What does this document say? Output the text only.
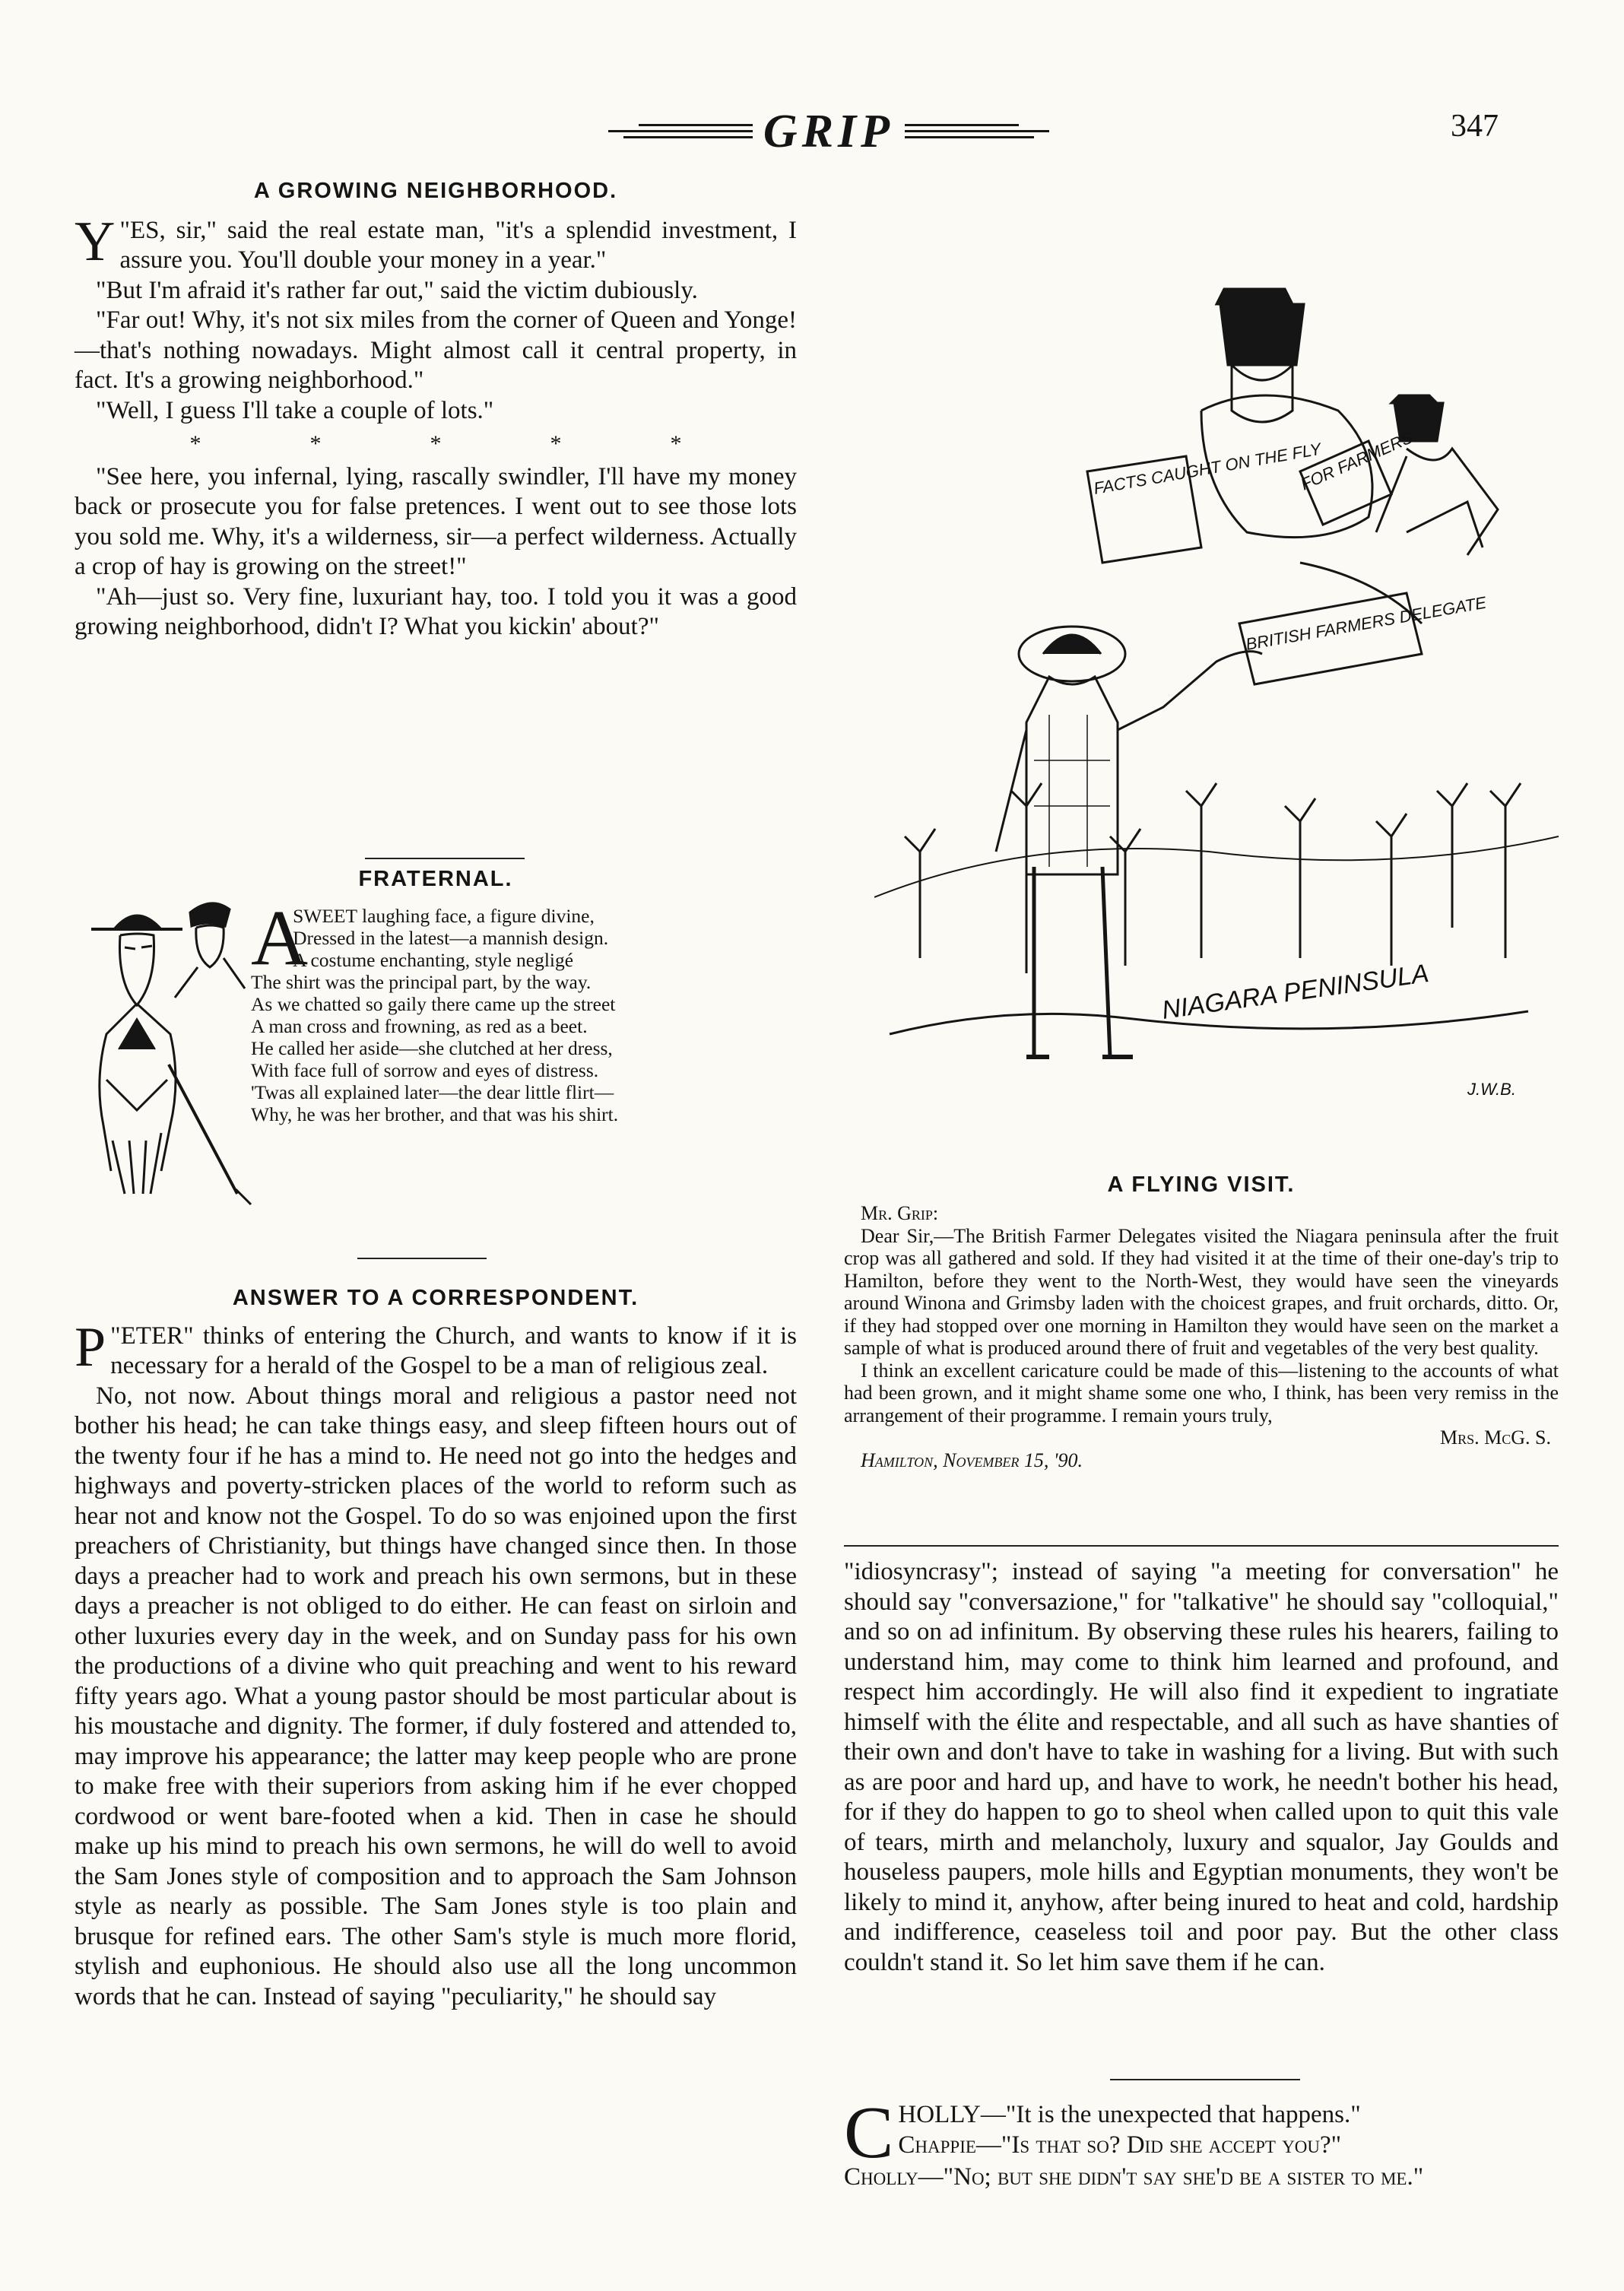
GRIP	347
A GROWING NEIGHBORHOOD.

"
Y ES, sir," said the real estate man, "it's a splendid investment, I assure you. You'll double your money in a year."

"But I'm afraid it's rather far out," said the victim dubiously.

"Far out! Why, it's not six miles from the corner of Queen and Yonge!—that's nothing nowadays. Might almost call it central property, in fact. It's a growing neighborhood."

"Well, I guess I'll take a couple of lots."

*	*	*	*	*

"See here, you infernal, lying, rascally swindler, I'll have my money back or prosecute you for false pretences. I went out to see those lots you sold me. Why, it's a wilderness, sir—a perfect wilderness. Actually a crop of hay is growing on the street!"

"Ah—just so. Very fine, luxuriant hay, too. I told you it was a good growing neighborhood, didn't I? What you kickin' about?"

FRATERNAL.
A
SWEET laughing face, a figure divine,
Dressed in the latest—a mannish design.
A costume enchanting, style negligé
The shirt was the principal part, by the way.
As we chatted so gaily there came up the street
A man cross and frowning, as red as a beet.
He called her aside—she clutched at her dress,
With face full of sorrow and eyes of distress.
'Twas all explained later—the dear little flirt—
Why, he was her brother, and that was his shirt.
ANSWER TO A CORRESPONDENT.

"
P ETER" thinks of entering the Church, and wants to know if it is necessary for a herald of the Gospel to be a man of religious zeal.

No, not now. About things moral and religious a pastor need not bother his head; he can take things easy, and sleep fifteen hours out of the twenty four if he has a mind to. He need not go into the hedges and highways and poverty-stricken places of the world to reform such as hear not and know not the Gospel. To do so was enjoined upon the first preachers of Christianity, but things have changed since then. In those days a preacher had to work and preach his own sermons, but in these days a preacher is not obliged to do either. He can feast on sirloin and other luxuries every day in the week, and on Sunday pass for his own the productions of a divine who quit preaching and went to his reward fifty years ago. What a young pastor should be most particular about is his moustache and dignity. The former, if duly fostered and attended to, may improve his appearance; the latter may keep people who are prone to make free with their superiors from asking him if he ever chopped cordwood or went bare-footed when a kid. Then in case he should make up his mind to preach his own sermons, he will do well to avoid the Sam Jones style of composition and to approach the Sam Johnson style as nearly as possible. The Sam Jones style is too plain and brusque for refined ears. The other Sam's style is much more florid, stylish and euphonious. He should also use all the long uncommon words that he can. Instead of saying "peculiarity," he should say

FACTS CAUGHT ON THE FLY
FOR FARMERS
BRITISH FARMERS DELEGATE
NIAGARA PENINSULA
J.W.B.
A FLYING VISIT.
Mr. Grip:

Dear Sir,—The British Farmer Delegates visited the Niagara peninsula after the fruit crop was all gathered and sold. If they had visited it at the time of their one-day's trip to Hamilton, before they went to the North-West, they would have seen the vineyards around Winona and Grimsby laden with the choicest grapes, and fruit orchards, ditto. Or, if they had stopped over one morning in Hamilton they would have seen on the market a sample of what is produced around there of fruit and vegetables of the very best quality.

I think an excellent caricature could be made of this—listening to the accounts of what had been grown, and it might shame some one who, I think, has been very remiss in the arrangement of their programme. I remain yours truly,

Mrs. McG. S.
Hamilton, November 15, '90.

"idiosyncrasy"; instead of saying "a meeting for conversation" he should say "conversazione," for "talkative" he should say "colloquial," and so on ad infinitum. By observing these rules his hearers, failing to understand him, may come to think him learned and profound, and respect him accordingly. He will also find it expedient to ingratiate himself with the élite and respectable, and all such as have shanties of their own and don't have to take in washing for a living. But with such as are poor and hard up, and have to work, he needn't bother his head, for if they do happen to go to sheol when called upon to quit this vale of tears, mirth and melancholy, luxury and squalor, Jay Goulds and houseless paupers, mole hills and Egyptian monuments, they won't be likely to mind it, anyhow, after being inured to heat and cold, hardship and indifference, ceaseless toil and poor pay. But the other class couldn't stand it. So let him save them if he can.

C HOLLY—"It is the unexpected that happens."
Chappie—"Is that so? Did she accept you?"
Cholly—"No; but she didn't say she'd be a sister to me."
